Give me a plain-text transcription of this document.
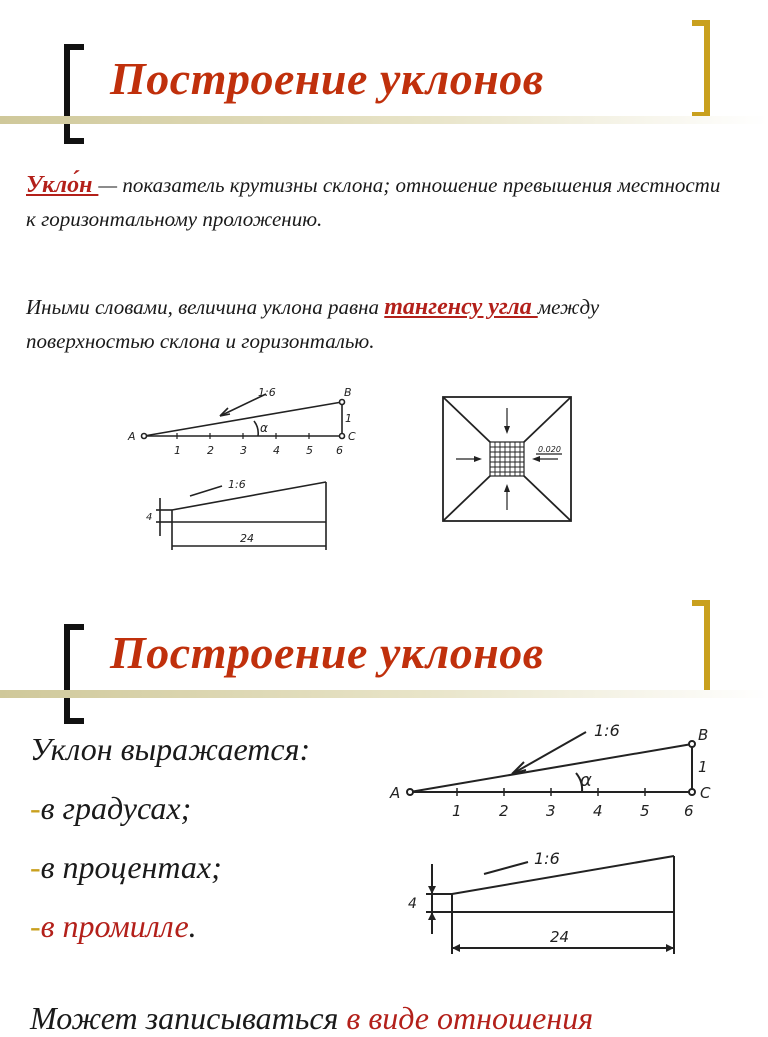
Построение уклонов
Укло́н — показатель крутизны склона; отношение превышения местности к горизонтальному проложению.
Иными словами, величина уклона равна тангенсу угла между поверхностью склона и горизонталью.
1:6
A
B
C
1
α
1 2 3 4 5 6
1:6
4
24
0.020
Построение уклонов
Уклон выражается:
-в градусах;
-в процентах;
-в промилле.
Может записываться в виде отношения
1:6
A
B
C
1
α
1 2 3 4 5 6
1:6
4
24
